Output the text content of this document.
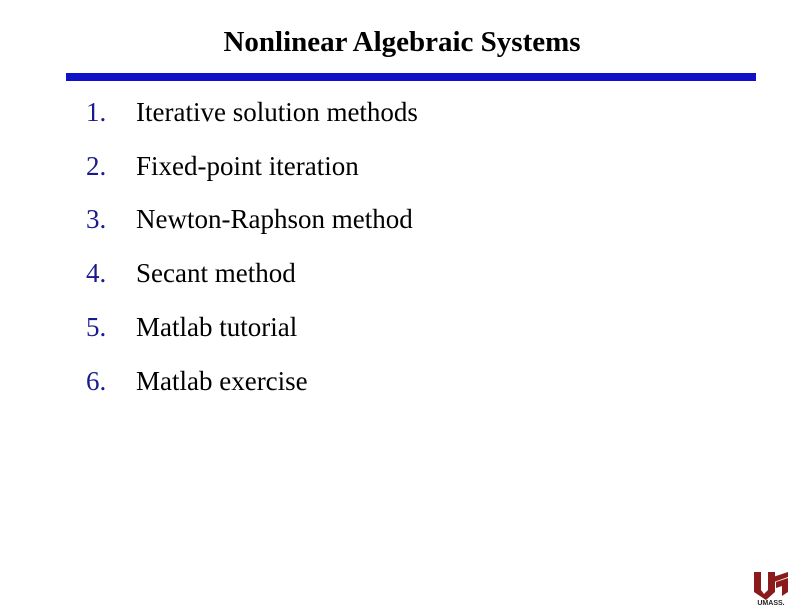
Nonlinear Algebraic Systems
1. Iterative solution methods
2. Fixed-point iteration
3. Newton-Raphson method
4. Secant method
5. Matlab tutorial
6. Matlab exercise
UMASS.
